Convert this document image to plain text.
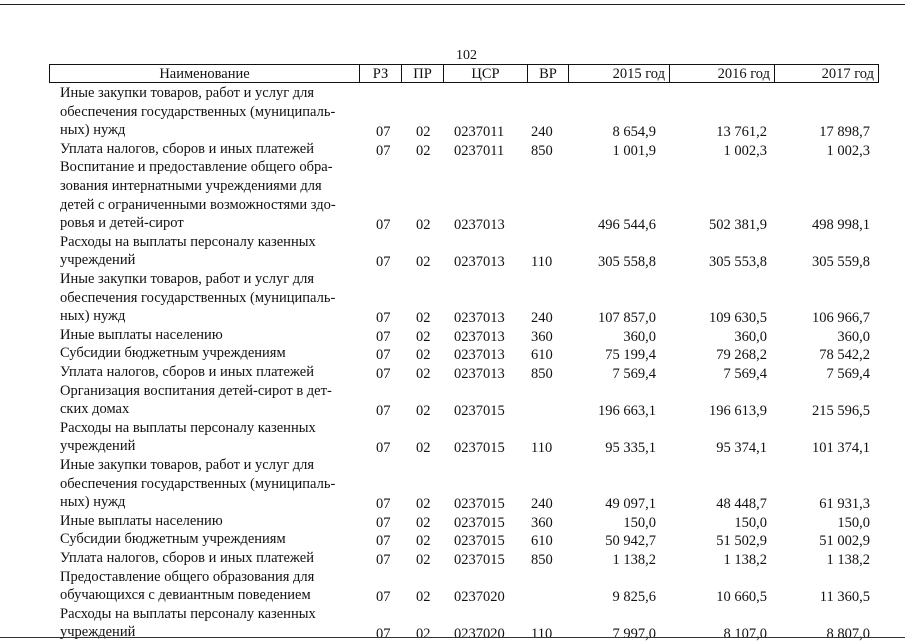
102
Наименование	РЗ	ПР	ЦСР	ВР	2015 год	2016 год	2017 год
Иные закупки товаров, работ и услуг для
обеспечения государственных (муниципаль-
ных) нужд	07 02 0237011 240	8 654,9	13 761,2	17 898,7
Уплата налогов, сборов и иных платежей	07 02 0237011 850	1 001,9	1 002,3	1 002,3
Воспитание и предоставление общего обра-
зования интернатными учреждениями для
детей с ограниченными возможностями здо-
ровья и детей-сирот	07 02 0237013	496 544,6	502 381,9	498 998,1
Расходы на выплаты персоналу казенных
учреждений	07 02 0237013 110	305 558,8	305 553,8	305 559,8
Иные закупки товаров, работ и услуг для
обеспечения государственных (муниципаль-
ных) нужд	07 02 0237013 240	107 857,0	109 630,5	106 966,7
Иные выплаты населению	07 02 0237013 360	360,0	360,0	360,0
Субсидии бюджетным учреждениям	07 02 0237013 610	75 199,4	79 268,2	78 542,2
Уплата налогов, сборов и иных платежей	07 02 0237013 850	7 569,4	7 569,4	7 569,4
Организация воспитания детей-сирот в дет-
ских домах	07 02 0237015	196 663,1	196 613,9	215 596,5
Расходы на выплаты персоналу казенных
учреждений	07 02 0237015 110	95 335,1	95 374,1	101 374,1
Иные закупки товаров, работ и услуг для
обеспечения государственных (муниципаль-
ных) нужд	07 02 0237015 240	49 097,1	48 448,7	61 931,3
Иные выплаты населению	07 02 0237015 360	150,0	150,0	150,0
Субсидии бюджетным учреждениям	07 02 0237015 610	50 942,7	51 502,9	51 002,9
Уплата налогов, сборов и иных платежей	07 02 0237015 850	1 138,2	1 138,2	1 138,2
Предоставление общего образования для
обучающихся с девиантным поведением	07 02 0237020	9 825,6	10 660,5	11 360,5
Расходы на выплаты персоналу казенных
учреждений	07 02 0237020 110	7 997,0	8 107,0	8 807,0
